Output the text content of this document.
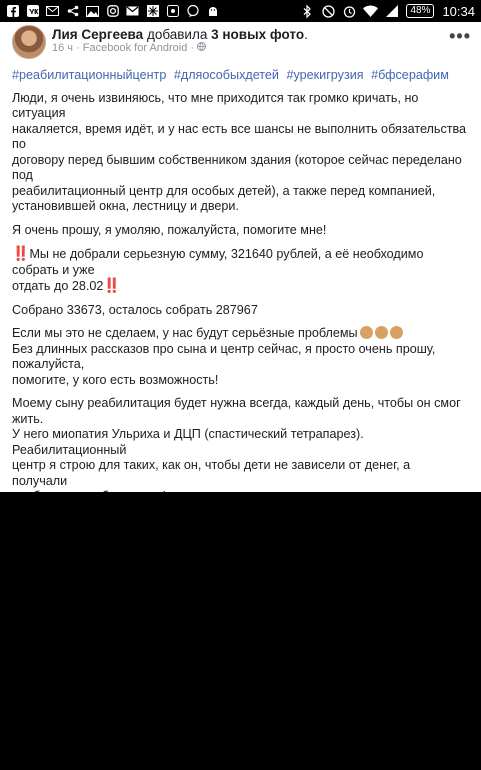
48% 10:34
Лия Сергеева добавила 3 новых фото.
16 ч · Facebook for Android ·
•••
#реабилитационныйцентр #дляособыхдетей #урекигрузия #бфсерафим
Люди, я очень извиняюсь, что мне приходится так громко кричать, но ситуация
накаляется, время идёт, и у нас есть все шансы не выполнить обязательства по
договору перед бывшим собственником здания (которое сейчас переделано под
реабилитационный центр для особых детей), а также перед компанией,
установившей окна, лестницу и двери.
Я очень прошу, я умоляю, пожалуйста, помогите мне!
‼️Мы не добрали серьезную сумму, 321640 рублей, а её необходимо собрать и уже
отдать до 28.02‼️
Собрано 33673, осталось собрать 287967
Если мы это не сделаем, у нас будут серьёзные проблемы
Без длинных рассказов про сына и центр сейчас, я просто очень прошу, пожалуйста,
помогите, у кого есть возможность!
Моему сыну реабилитация будет нужна всегда, каждый день, чтобы он смог жить.
У него миопатия Ульриха и ДЦП (спастический тетрапарез). Реабилитационный
центр я строю для таких, как он, чтобы дети не зависели от денег, а получали
